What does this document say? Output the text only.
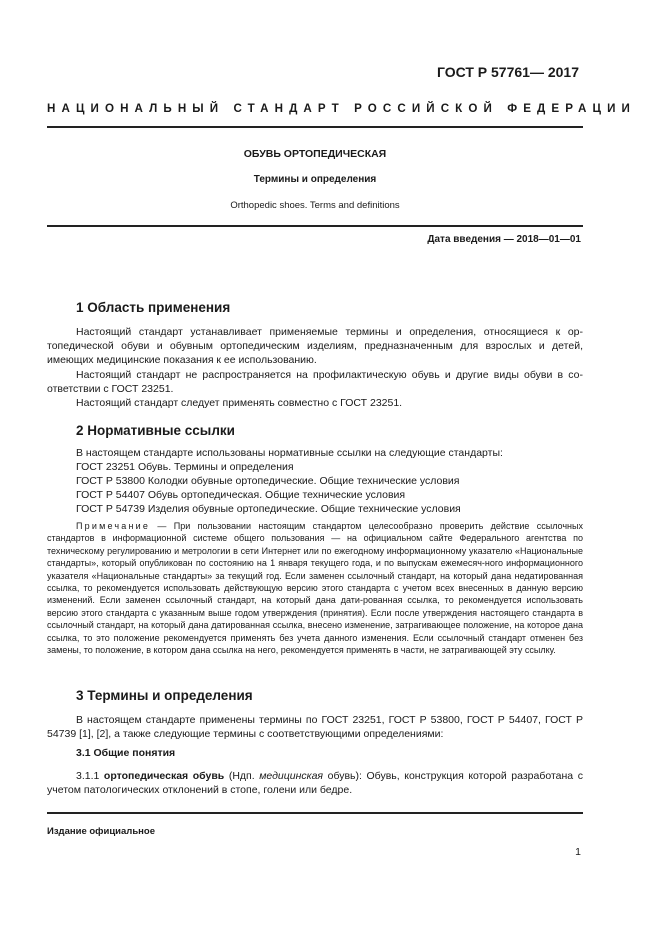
ГОСТ Р 57761— 2017
НАЦИОНАЛЬНЫЙ СТАНДАРТ РОССИЙСКОЙ ФЕДЕРАЦИИ
ОБУВЬ ОРТОПЕДИЧЕСКАЯ
Термины и определения
Orthopedic shoes. Terms and definitions
Дата введения — 2018—01—01
1 Область применения

Настоящий стандарт устанавливает применяемые термины и определения, относящиеся к ор-топедической обуви и обувным ортопедическим изделиям, предназначенным для взрослых и детей, имеющих медицинские показания к ее использованию.

Настоящий стандарт не распространяется на профилактическую обувь и другие виды обуви в со-ответствии с ГОСТ 23251.

Настоящий стандарт следует применять совместно с ГОСТ 23251.

2 Нормативные ссылки
В настоящем стандарте использованы нормативные ссылки на следующие стандарты:
ГОСТ 23251 Обувь. Термины и определения
ГОСТ Р 53800 Колодки обувные ортопедические. Общие технические условия
ГОСТ Р 54407 Обувь ортопедическая. Общие технические условия
ГОСТ Р 54739 Изделия обувные ортопедические. Общие технические условия

Примечание — При пользовании настоящим стандартом целесообразно проверить действие ссылочных стандартов в информационной системе общего пользования — на официальном сайте Федерального агентства по техническому регулированию и метрологии в сети Интернет или по ежегодному информационному указателю «Национальные стандарты», который опубликован по состоянию на 1 января текущего года, и по выпускам ежемесяч-ного информационного указателя «Национальные стандарты» за текущий год. Если заменен ссылочный стандарт, на который дана недатированная ссылка, то рекомендуется использовать действующую версию этого стандарта с учетом всех внесенных в данную версию изменений. Если заменен ссылочный стандарт, на который дана дати-рованная ссылка, то рекомендуется использовать версию этого стандарта с указанным выше годом утверждения (принятия). Если после утверждения настоящего стандарта в ссылочный стандарт, на который дана датированная ссылка, внесено изменение, затрагивающее положение, на которое дана ссылка, то это положение рекомендуется применять без учета данного изменения. Если ссылочный стандарт отменен без замены, то положение, в котором дана ссылка на него, рекомендуется применять в части, не затрагивающей эту ссылку.

3 Термины и определения

В настоящем стандарте применены термины по ГОСТ 23251, ГОСТ Р 53800, ГОСТ Р 54407, ГОСТ Р 54739 [1], [2], а также следующие термины с соответствующими определениями:

3.1 Общие понятия

3.1.1 ортопедическая обувь (Ндп. медицинская обувь): Обувь, конструкция которой разработана с учетом патологических отклонений в стопе, голени или бедре.

Издание официальное
1
